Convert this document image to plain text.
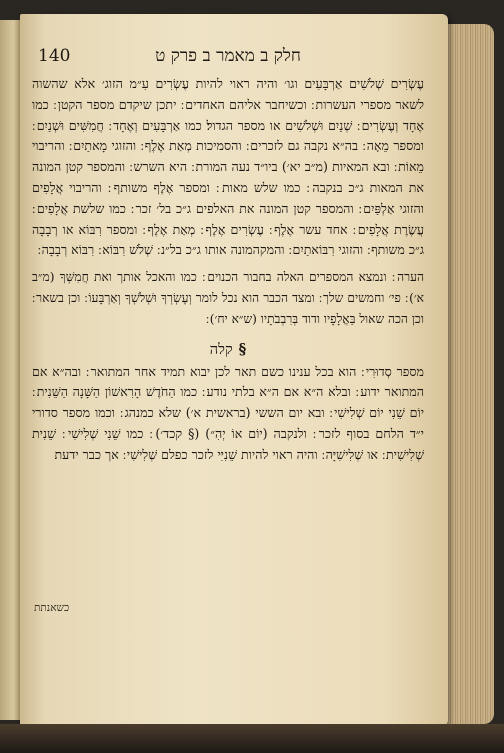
חלק ב מאמר ב פרק ט
140

עֶשְׂרִים שְׁלֹשִׁים אַרְבָּעִים וגו׳ והיה ראוי להיות עֶשְׂרִים עִ״מ הזוג׳ אלא שהשוה לשאר מספרי העשרות ׃ וכשיחבר אליהם האחדים ׃ יתכן שיקדם מספר הקטן ׃ כמו אֶחָד וְעֶשְׂרִים ׃ שְׁנַיִם וּשְׁלֹשִׁים או מספר הגדול׃ כמו אַרְבָּעִים וְאֶחָד ׃ חֲמִשִּׁים וּשְׁנַיִם ׃ ומספר מֵאָה ׃ בה״א נקבה גם לזכרים ׃ והסמיכות מְאַת אֶלֶף ׃ והזוגי מָאתַיִם ׃ והריבוי מֵאוֹת ׃ ובא המאיות (מ״ב יא׳) ביו״ד נעה המורת ׃ היא השרש ׃ והמספר קטן המונה את המאות ג״כ בנקבה ׃ כמו שלש מאות ׃ ומספר אֶלֶף משותף ׃ והריבוי אֲלָפִים והזוגי אַלְפַּיִם ׃ והמספר קטן המונה את האלפים ג״כ בל׳ זכר ׃ כמו שלשת אֲלָפִים ׃ עֲשֶׂרֶת אֲלָפִים ׃ אחד עשר אֶלֶף ׃ עֶשְׂרִים אֶלֶף ׃ מְאַת אֶלֶף ׃ ומספר רִבּוֹא או רְבָבָה ג״כ משותף ׃ והזוגי רִבּוֹאתַיִם ׃ והמקהמונה אותו ג״כ בל״נ ׃ שְׁלֹשׁ רִבּוֹא ׃ רִבּוֹא רְבָבָה ׃

הערה ׃ ונמצא המספרים האלה בחבור הכנוים ׃ כמו והאכל אותך ואת חֲמִשְּׁךָ (מ״ב א׳) ׃ פי׳ וחמשים שלך ׃ ומצד הכבר הוא נכל לומר וְעֶשְׂרְךָ וּשְׁלֹשְׁךָ וְאַרְבָּעוֹ ׃ וכן בשאר ׃ וכן הכה שאול בַּאֲלָפָיו ודוד בְּרִבְבֹתָיו (ש״א יח׳) ׃

§קלה

מספר סְדוּרִי ׃ הוא בכל ענינו כשם תאר לכן יבוא תמיד אחר המתואר ׃ ובה״א אם המתואר ידוע ׃ ובלא ה״א אם ה״א בלתי נודע ׃ כמו הַחֹדֶשׁ הָרִאשׁוֹן הַשָּׁנָה הַשֵּׁנִית ׃ יוֹם שֵׁנִי יוֹם שְׁלִישִׁי ׃ ובא יום הששי (בראשית א׳) שלא כמנהג ׃ וכמו מספר סדורי י״ד הלחם בסוף לזכר ׃ ולנקבה (יוֹם אוֹ יְהִ״) (§ קכד׳) ׃ כמו שֵׁנִי שְׁלִישִׁי ׃ שֵׁנִית שְׁלִישִׁית ׃ או שְׁלִישִׁיָּה ׃ והיה ראוי להיות שֵׁנִיִּי לזכר כפלם שְׁלִישִׁי ׃ אך כבר ידעת

כשאנתת
